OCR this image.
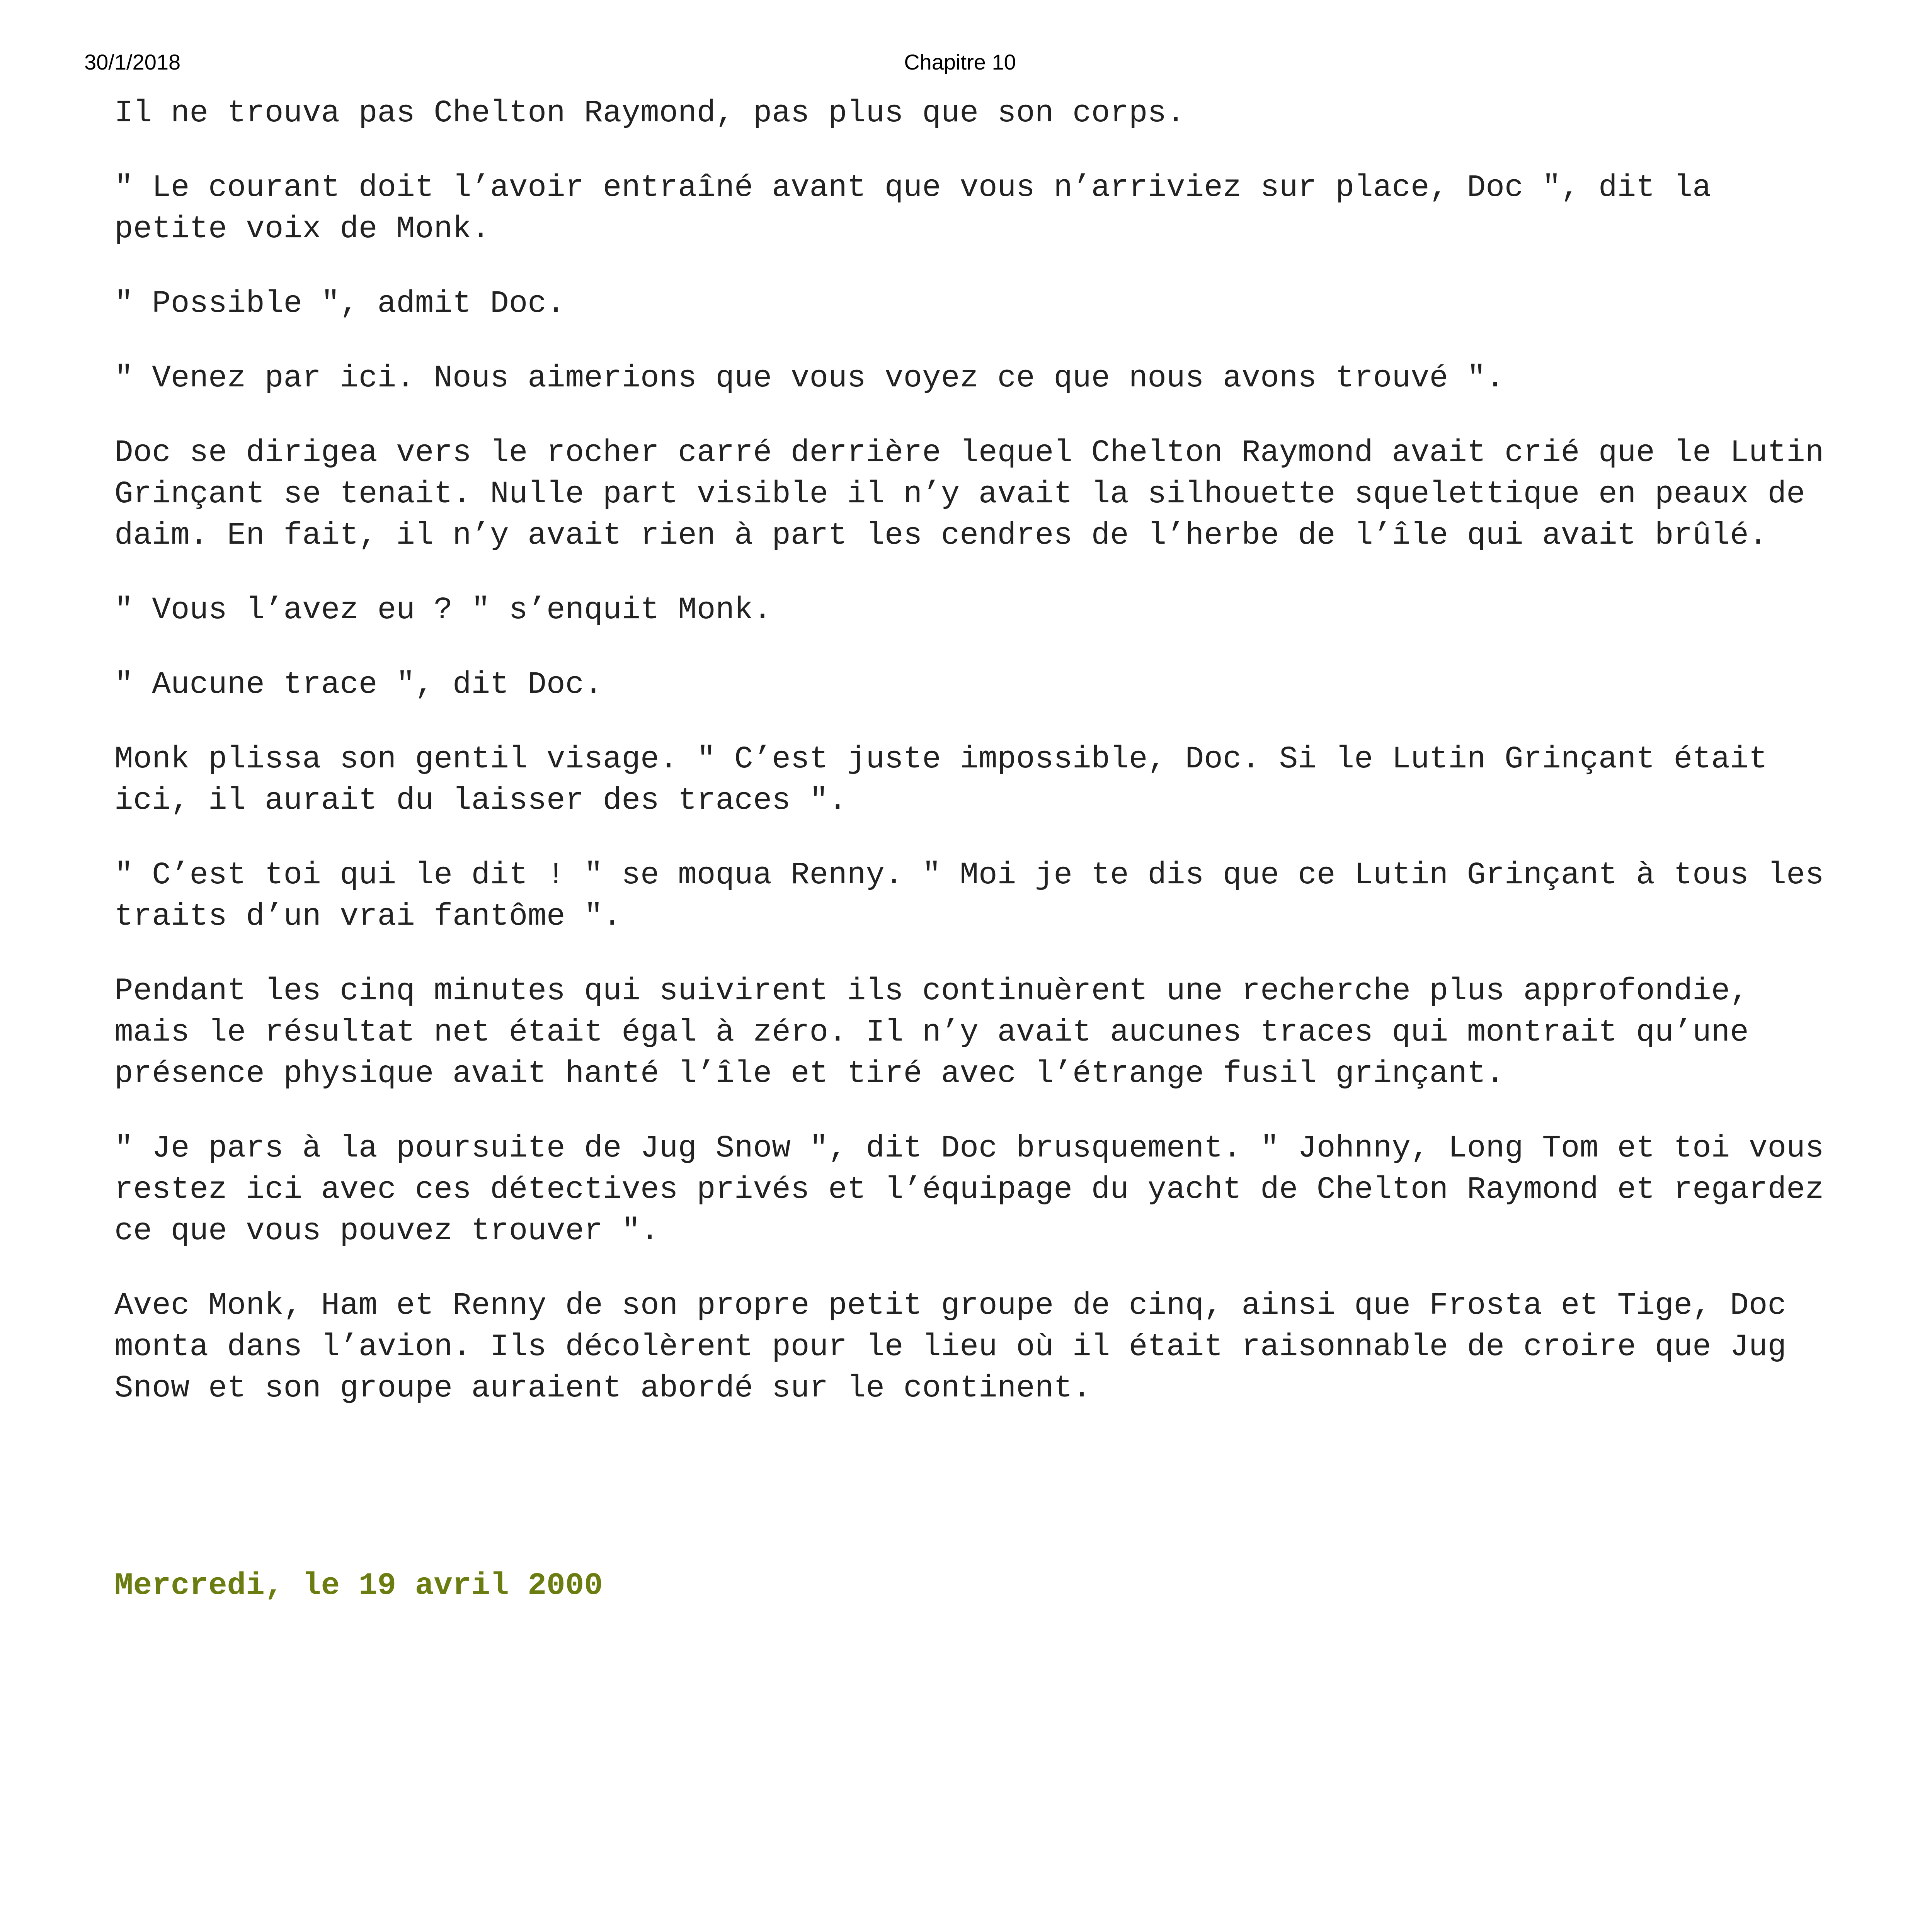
30/1/2018	Chapitre 10

Il ne trouva pas Chelton Raymond, pas plus que son corps.

" Le courant doit l’avoir entraîné avant que vous n’arriviez sur place, Doc ", dit la petite voix de Monk.

" Possible ", admit Doc.

" Venez par ici. Nous aimerions que vous voyez ce que nous avons trouvé ".

Doc se dirigea vers le rocher carré derrière lequel Chelton Raymond avait crié que le Lutin Grinçant se tenait. Nulle part visible il n’y avait la silhouette squelettique en peaux de daim. En fait, il n’y avait rien à part les cendres de l’herbe de l’île qui avait brûlé.

" Vous l’avez eu ? " s’enquit Monk.

" Aucune trace ", dit Doc.

Monk plissa son gentil visage. " C’est juste impossible, Doc. Si le Lutin Grinçant était ici, il aurait du laisser des traces ".

" C’est toi qui le dit ! " se moqua Renny. " Moi je te dis que ce Lutin Grinçant à tous les traits d’un vrai fantôme ".

Pendant les cinq minutes qui suivirent ils continuèrent une recherche plus approfondie, mais le résultat net était égal à zéro. Il n’y avait aucunes traces qui montrait qu’une présence physique avait hanté l’île et tiré avec l’étrange fusil grinçant.

" Je pars à la poursuite de Jug Snow ", dit Doc brusquement. " Johnny, Long Tom et toi vous restez ici avec ces détectives privés et l’équipage du yacht de Chelton Raymond et regardez ce que vous pouvez trouver ".

Avec Monk, Ham et Renny de son propre petit groupe de cinq, ainsi que Frosta et Tige, Doc monta dans l’avion. Ils décolèrent pour le lieu où il était raisonnable de croire que Jug Snow et son groupe auraient abordé sur le continent.

Mercredi, le 19 avril 2000
